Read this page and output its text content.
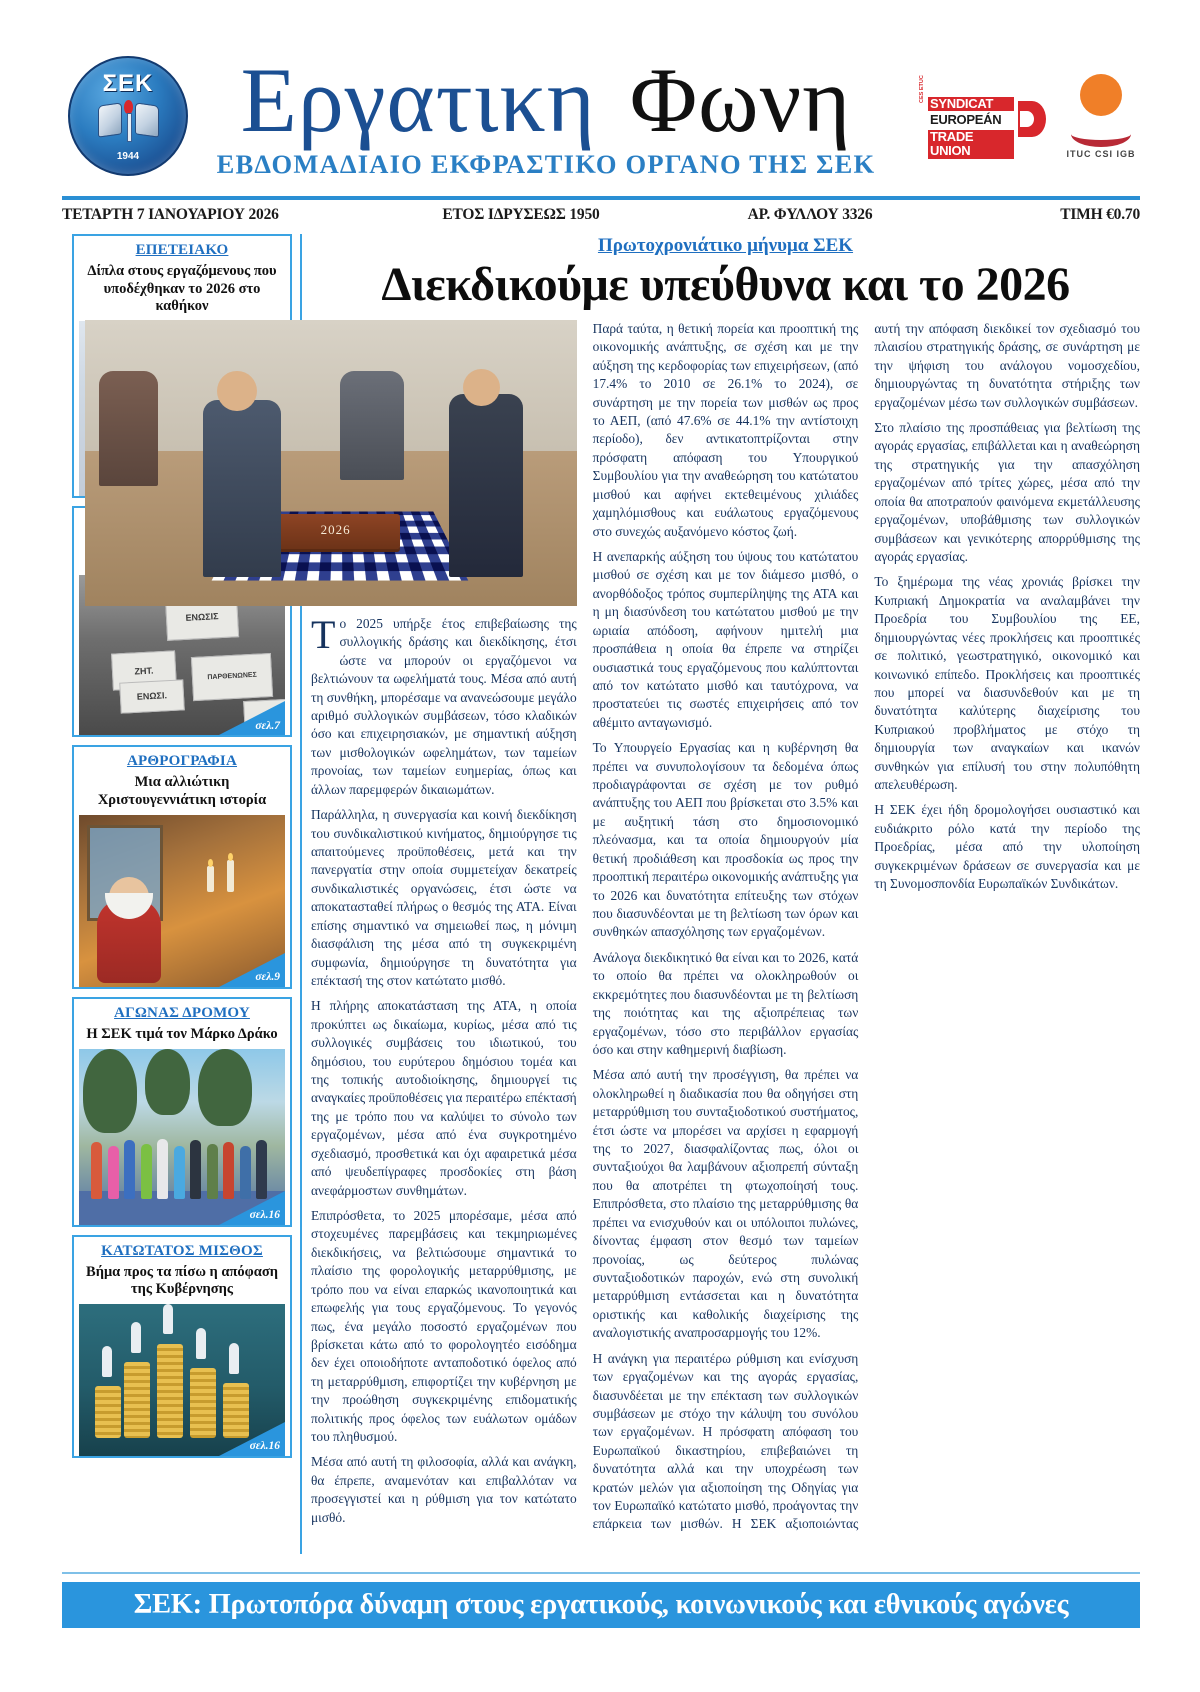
ΣΕΚ
1944
Εργατικη Φωνη
ΕΒΔΟΜΑΔΙΑΙΟ ΕΚΦΡΑΣΤΙΚΟ ΟΡΓΑΝΟ ΤΗΣ ΣΕΚ
CES ETUC
SYNDICAT
EUROPEÁN
TRADE UNION	ITUC CSI IGB
ΤΕΤΑΡΤΗ 7 ΙΑΝΟΥΑΡΙΟΥ 2026	ΕΤΟΣ ΙΔΡΥΣΕΩΣ 1950	ΑΡ. ΦΥΛΛΟΥ 3326	ΤΙΜΗ €0.70
ΕΠΕΤΕΙΑΚΟ
Δίπλα στους εργαζόμενους που υποδέχθηκαν το 2026 στο καθήκον
ΕΝΩΣΙΣ
ΖΗΤ.
ΕΝΩΣΙ.
ΠΑΡΘΕΝΩΝΕΣ
ΖΗ
σελ.7
ΑΡΘΡΟΓΡΑΦΙΑ
Μια αλλιώτικη Χριστουγεννιάτικη ιστορία
σελ.9
ΑΓΩΝΑΣ ΔΡΟΜΟΥ
Η ΣΕΚ τιμά τον Μάρκο Δράκο
σελ.16
ΚΑΤΩΤΑΤΟΣ ΜΙΣΘΟΣ
Βήμα προς τα πίσω η απόφαση της Κυβέρνησης
σελ.16
Πρωτοχρονιάτικο μήνυμα ΣΕΚ
Διεκδικούμε υπεύθυνα και το 2026
2026

Το 2025 υπήρξε έτος επιβεβαίωσης της συλλογικής δράσης και διεκδίκησης, έτσι ώστε να μπορούν οι εργαζόμενοι να βελτιώνουν τα ωφελήματά τους. Μέσα από αυτή τη συνθήκη, μπορέσαμε να ανανεώσουμε μεγάλο αριθμό συλλογικών συμβάσεων, τόσο κλαδικών όσο και επιχειρησιακών, με σημαντική αύξηση των μισθολογικών ωφελημάτων, των ταμείων προνοίας, των ταμείων ευημερίας, όπως και άλλων παρεμφερών δικαιωμάτων.

Παράλληλα, η συνεργασία και κοινή διεκδίκηση του συνδικαλιστικού κινήματος, δημιούργησε τις απαιτούμενες προϋποθέσεις, μετά και την πανεργατία στην οποία συμμετείχαν δεκατρείς συνδικαλιστικές οργανώσεις, έτσι ώστε να αποκατασταθεί πλήρως ο θεσμός της ΑΤΑ. Είναι επίσης σημαντικό να σημειωθεί πως, η μόνιμη διασφάλιση της μέσα από τη συγκεκριμένη συμφωνία, δημιούργησε τη δυνατότητα για επέκτασή της στον κατώτατο μισθό.

Η πλήρης αποκατάσταση της ΑΤΑ, η οποία προκύπτει ως δικαίωμα, κυρίως, μέσα από τις συλλογικές συμβάσεις του ιδιωτικού, του δημόσιου, του ευρύτερου δημόσιου τομέα και της τοπικής αυτοδιοίκησης, δημιουργεί τις αναγκαίες προϋποθέσεις για περαιτέρω επέκτασή της με τρόπο που να καλύψει το σύνολο των εργαζομένων, μέσα από ένα συγκροτημένο σχεδιασμό, προσθετικά και όχι αφαιρετικά μέσα από ψευδεπίγραφες προσδοκίες στη βάση ανεφάρμοστων συνθημάτων.

Επιπρόσθετα, το 2025 μπορέσαμε, μέσα από στοχευμένες παρεμβάσεις και τεκμηριωμένες διεκδικήσεις, να βελτιώσουμε σημαντικά το πλαίσιο της φορολογικής μεταρρύθμισης, με τρόπο που να είναι επαρκώς ικανοποιητικά και επωφελής για τους εργαζόμενους. Το γεγονός πως, ένα μεγάλο ποσοστό εργαζομένων που βρίσκεται κάτω από το φορολογητέο εισόδημα δεν έχει οποιοδήποτε ανταποδοτικό όφελος από τη μεταρρύθμιση, επιφορτίζει την κυβέρνηση με την προώθηση συγκεκριμένης επιδοματικής πολιτικής προς όφελος των ευάλωτων ομάδων του πληθυσμού.

Μέσα από αυτή τη φιλοσοφία, αλλά και ανάγκη, θα έπρεπε, αναμενόταν και επιβαλλόταν να προσεγγιστεί και η ρύθμιση για τον κατώτατο μισθό.

Παρά ταύτα, η θετική πορεία και προοπτική της οικονομικής ανάπτυξης, σε σχέση και με την αύξηση της κερδοφορίας των επιχειρήσεων, (από 17.4% το 2010 σε 26.1% το 2024), σε συνάρτηση με την πορεία των μισθών ως προς το ΑΕΠ, (από 47.6% σε 44.1% την αντίστοιχη περίοδο), δεν αντικατοπτρίζονται στην πρόσφατη απόφαση του Υπουργικού Συμβουλίου για την αναθεώρηση του κατώτατου μισθού και αφήνει εκτεθειμένους χιλιάδες χαμηλόμισθους και ευάλωτους εργαζόμενους στο συνεχώς αυξανόμενο κόστος ζωή.

Η ανεπαρκής αύξηση του ύψους του κατώτατου μισθού σε σχέση και με τον διάμεσο μισθό, ο ανορθόδοξος τρόπος συμπερίληψης της ΑΤΑ και η μη διασύνδεση του κατώτατου μισθού με την ωριαία απόδοση, αφήνουν ημιτελή μια προσπάθεια η οποία θα έπρεπε να στηρίζει ουσιαστικά τους εργαζόμενους που καλύπτονται από τον κατώτατο μισθό και ταυτόχρονα, να προστατεύει τις σωστές επιχειρήσεις από τον αθέμιτο ανταγωνισμό.

Το Υπουργείο Εργασίας και η κυβέρνηση θα πρέπει να συνυπολογίσουν τα δεδομένα όπως προδιαγράφονται σε σχέση με τον ρυθμό ανάπτυξης του ΑΕΠ που βρίσκεται στο 3.5% και με αυξητική τάση στο δημοσιονομικό πλεόνασμα, και τα οποία δημιουργούν μία θετική προδιάθεση και προσδοκία ως προς την προοπτική περαιτέρω οικονομικής ανάπτυξης για το 2026 και δυνατότητα επίτευξης των στόχων που διασυνδέονται με τη βελτίωση των όρων και συνθηκών απασχόλησης των εργαζομένων.

Ανάλογα διεκδικητικό θα είναι και το 2026, κατά το οποίο θα πρέπει να ολοκληρωθούν οι εκκρεμότητες που διασυνδέονται με τη βελτίωση της ποιότητας και της αξιοπρέπειας των εργαζομένων, τόσο στο περιβάλλον εργασίας όσο και στην καθημερινή διαβίωση.

Μέσα από αυτή την προσέγγιση, θα πρέπει να ολοκληρωθεί η διαδικασία που θα οδηγήσει στη μεταρρύθμιση του συνταξιοδοτικού συστήματος, έτσι ώστε να μπορέσει να αρχίσει η εφαρμογή της το 2027, διασφαλίζοντας πως, όλοι οι συνταξιούχοι θα λαμβάνουν αξιοπρεπή σύνταξη που θα αποτρέπει τη φτωχοποίησή τους. Επιπρόσθετα, στο πλαίσιο της μεταρρύθμισης θα πρέπει να ενισχυθούν και οι υπόλοιποι πυλώνες, δίνοντας έμφαση στον θεσμό των ταμείων προνοίας, ως δεύτερος πυλώνας συνταξιοδοτικών παροχών, ενώ στη συνολική μεταρρύθμιση εντάσσεται και η δυνατότητα οριστικής και καθολικής διαχείρισης της αναλογιστικής αναπροσαρμογής του 12%.

Η ανάγκη για περαιτέρω ρύθμιση και ενίσχυση των εργαζομένων και της αγοράς εργασίας, διασυνδέεται με την επέκταση των συλλογικών συμβάσεων με στόχο την κάλυψη του συνόλου των εργαζομένων. Η πρόσφατη απόφαση του Ευρωπαϊκού δικαστηρίου, επιβεβαιώνει τη δυνατότητα αλλά και την υποχρέωση των κρατών μελών για αξιοποίηση της Οδηγίας για τον Ευρωπαϊκό κατώτατο μισθό, προάγοντας την επάρκεια των μισθών. Η ΣΕΚ αξιοποιώντας αυτή την απόφαση διεκδικεί τον σχεδιασμό του πλαισίου στρατηγικής δράσης, σε συνάρτηση με την ψήφιση του ανάλογου νομοσχεδίου, δημιουργώντας τη δυνατότητα στήριξης των εργαζομένων μέσω των συλλογικών συμβάσεων.

Στο πλαίσιο της προσπάθειας για βελτίωση της αγοράς εργασίας, επιβάλλεται και η αναθεώρηση της στρατηγικής για την απασχόληση εργαζομένων από τρίτες χώρες, μέσα από την οποία θα αποτραπούν φαινόμενα εκμετάλλευσης εργαζομένων, υποβάθμισης των συλλογικών συμβάσεων και γενικότερης απορρύθμισης της αγοράς εργασίας.

Το ξημέρωμα της νέας χρονιάς βρίσκει την Κυπριακή Δημοκρατία να αναλαμβάνει την Προεδρία του Συμβουλίου της ΕΕ, δημιουργώντας νέες προκλήσεις και προοπτικές σε πολιτικό, γεωστρατηγικό, οικονομικό και κοινωνικό επίπεδο. Προκλήσεις και προοπτικές που μπορεί να διασυνδεθούν και με τη δυνατότητα καλύτερης διαχείρισης του Κυπριακού προβλήματος με στόχο τη δημιουργία των αναγκαίων και ικανών συνθηκών για επίλυσή του στην πολυπόθητη απελευθέρωση.

Η ΣΕΚ έχει ήδη δρομολογήσει ουσιαστικό και ευδιάκριτο ρόλο κατά την περίοδο της Προεδρίας, μέσα από την υλοποίηση συγκεκριμένων δράσεων σε συνεργασία και με τη Συνομοσπονδία Ευρωπαϊκών Συνδικάτων.

ΣΕΚ: Πρωτοπόρα δύναμη στους εργατικούς, κοινωνικούς και εθνικούς αγώνες
